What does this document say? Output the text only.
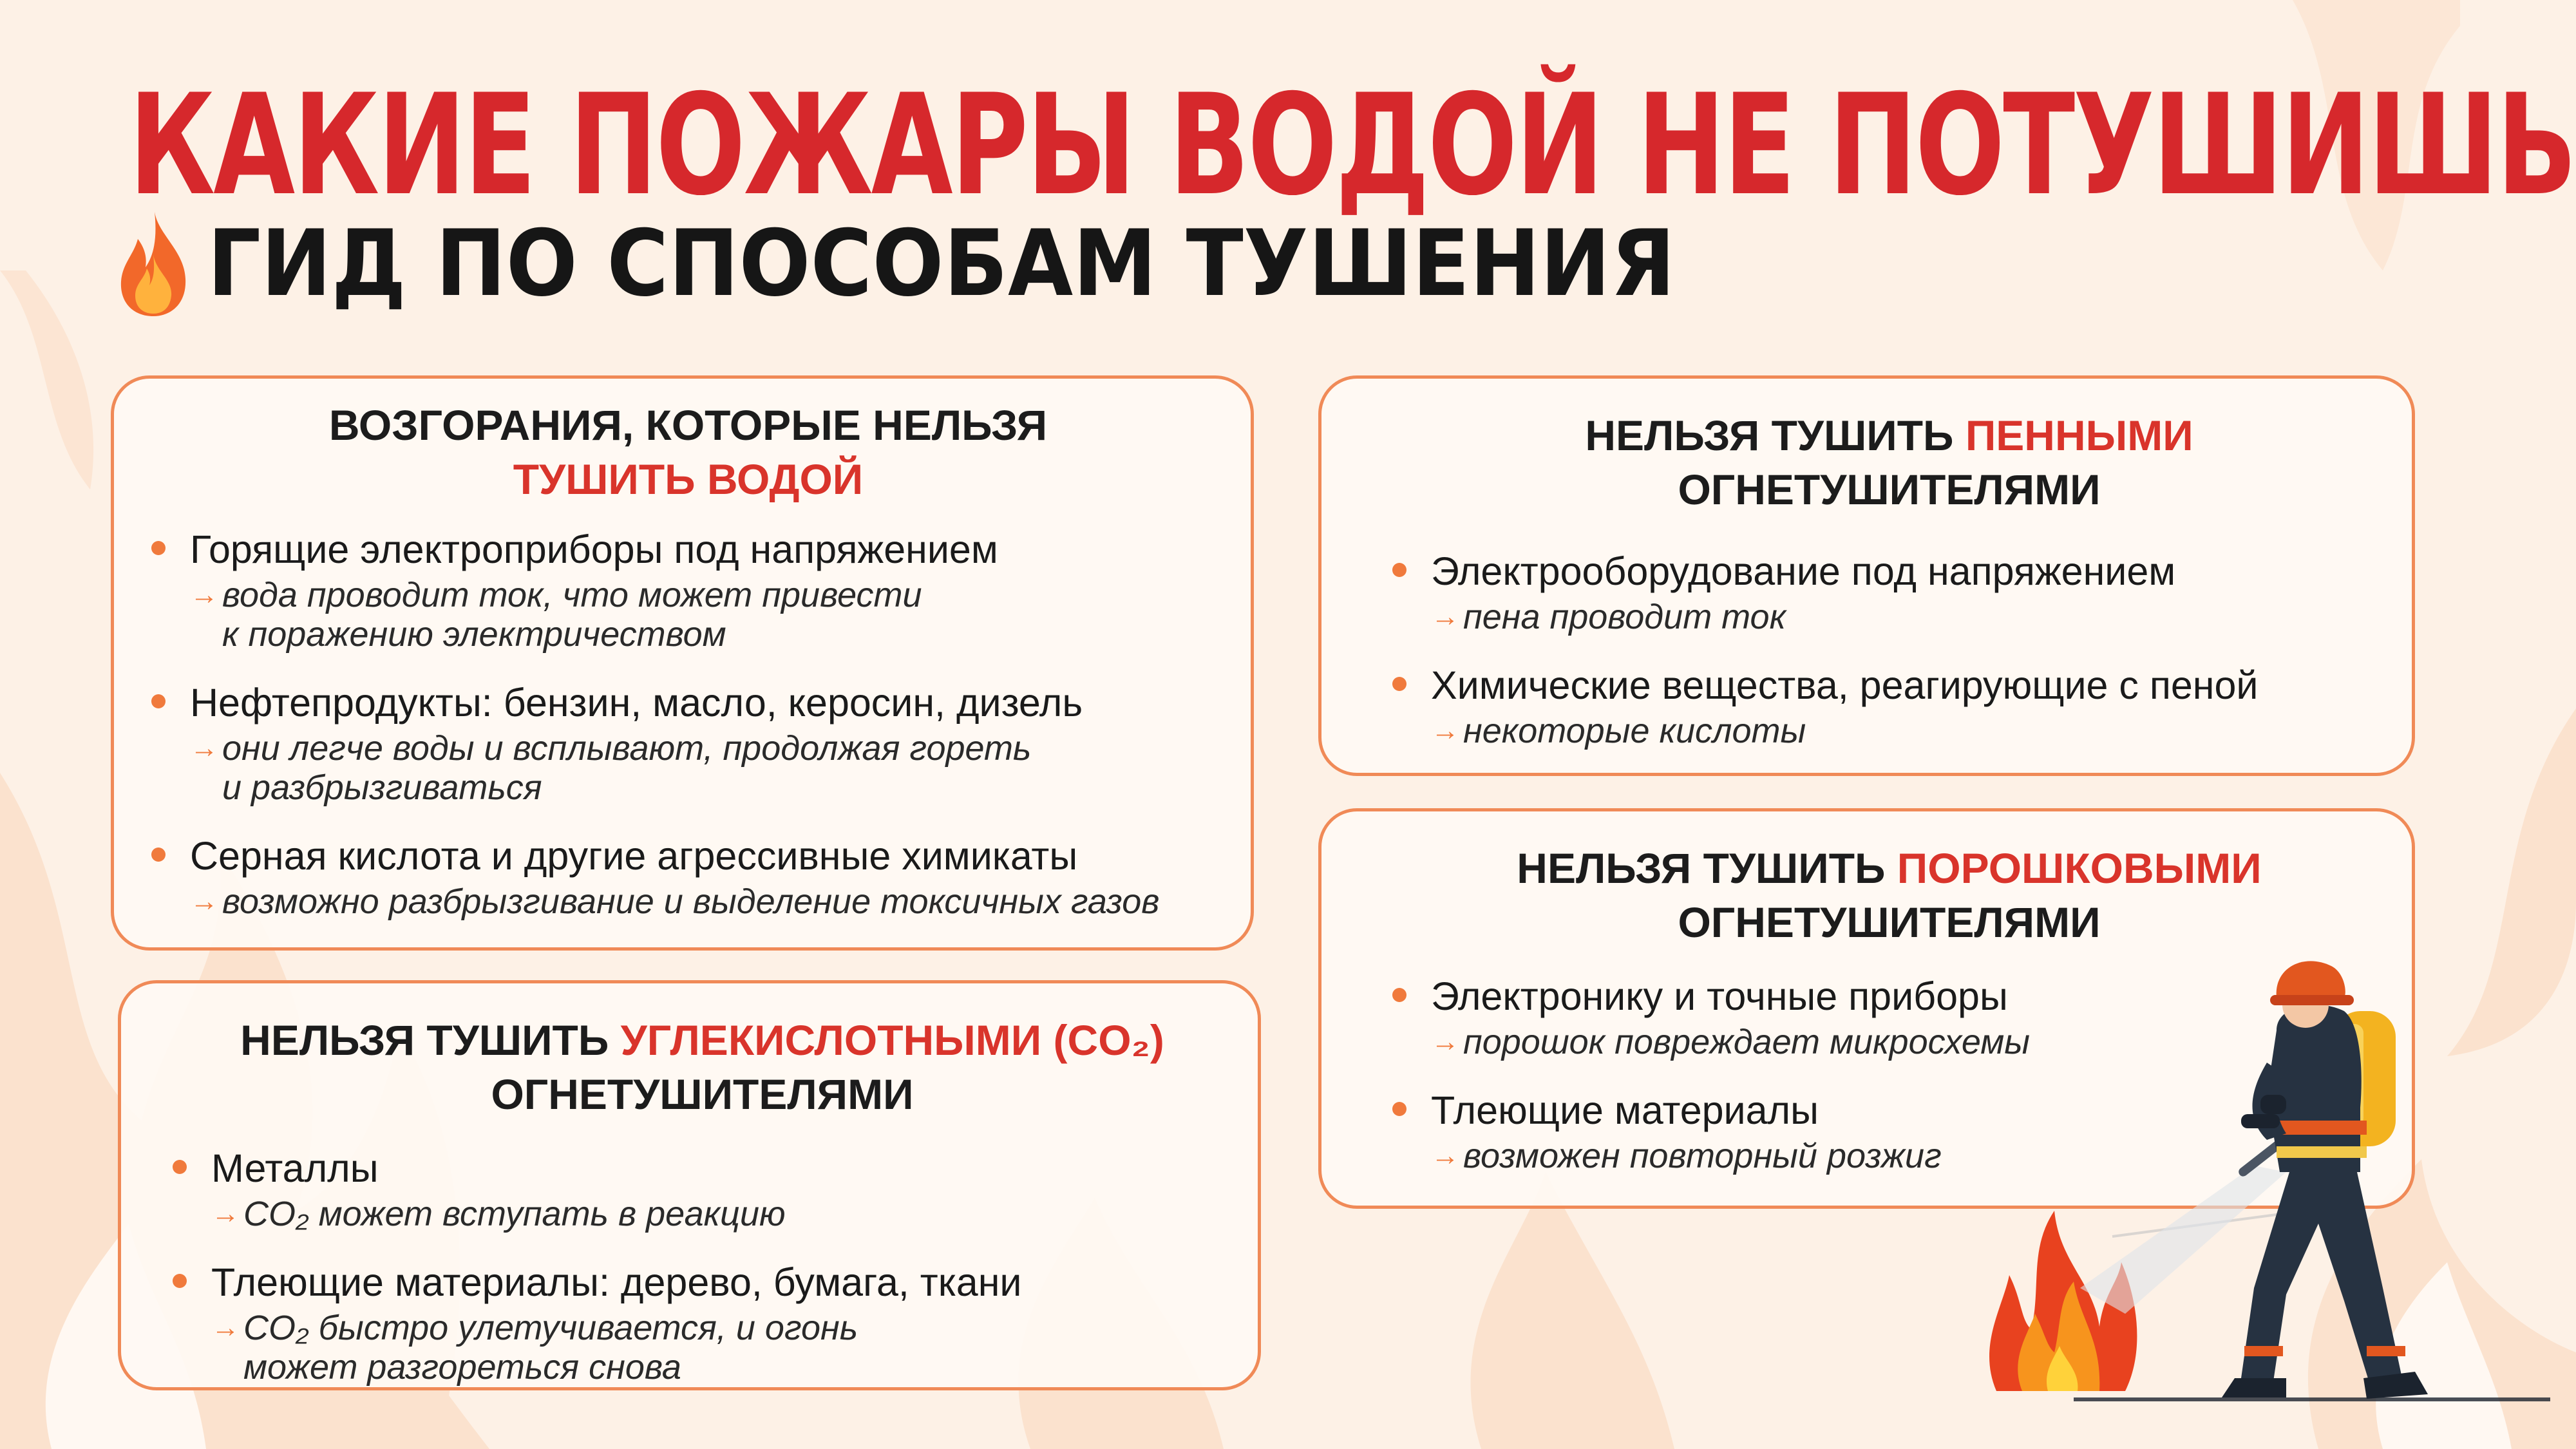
КАКИЕ ПОЖАРЫ ВОДОЙ НЕ ПОТУШИШЬ
ГИД ПО СПОСОБАМ ТУШЕНИЯ
ВОЗГОРАНИЯ, КОТОРЫЕ НЕЛЬЗЯ
ТУШИТЬ ВОДОЙ
Горящие электроприборы под напряжением
→ вода проводит ток, что может привести
к поражению электричеством
Нефтепродукты: бензин, масло, керосин, дизель
→ они легче воды и всплывают, продолжая гореть
и разбрызгиваться
Серная кислота и другие агрессивные химикаты
→ возможно разбрызгивание и выделение токсичных газов
НЕЛЬЗЯ ТУШИТЬ УГЛЕКИСЛОТНЫМИ (CO₂)
ОГНЕТУШИТЕЛЯМИ
Металлы
→ CO₂ может вступать в реакцию
Тлеющие материалы: дерево, бумага, ткани
→ CO₂ быстро улетучивается, и огонь
может разгореться снова
НЕЛЬЗЯ ТУШИТЬ ПЕННЫМИ
ОГНЕТУШИТЕЛЯМИ
Электрооборудование под напряжением
→ пена проводит ток
Химические вещества, реагирующие с пеной
→ некоторые кислоты
НЕЛЬЗЯ ТУШИТЬ ПОРОШКОВЫМИ
ОГНЕТУШИТЕЛЯМИ
Электронику и точные приборы
→ порошок повреждает микросхемы
Тлеющие материалы
→ возможен повторный розжиг
